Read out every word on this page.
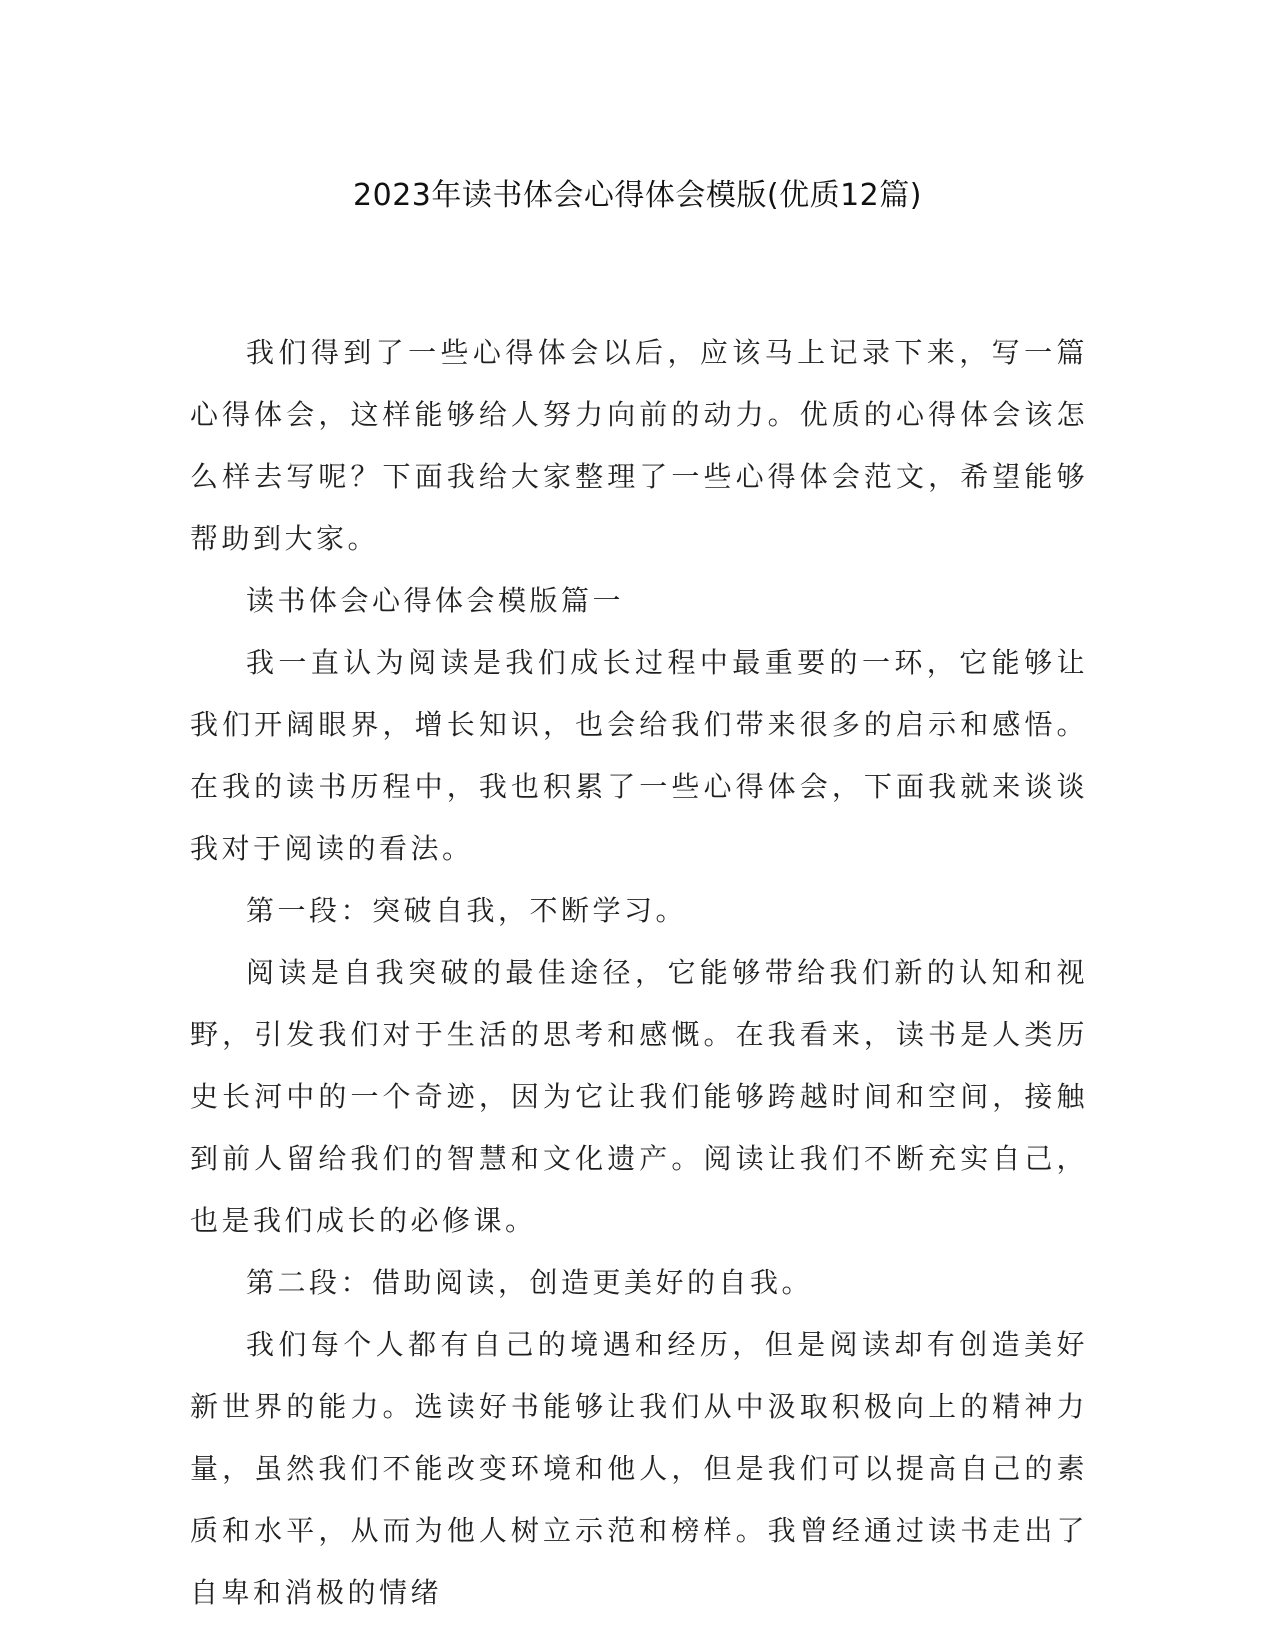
2023年读书体会心得体会模版(优质12篇)

我们得到了一些心得体会以后，应该马上记录下来，写一篇心得体会，这样能够给人努力向前的动力。优质的心得体会该怎么样去写呢？下面我给大家整理了一些心得体会范文，希望能够帮助到大家。

读书体会心得体会模版篇一

我一直认为阅读是我们成长过程中最重要的一环，它能够让我们开阔眼界，增长知识，也会给我们带来很多的启示和感悟。在我的读书历程中，我也积累了一些心得体会，下面我就来谈谈我对于阅读的看法。

第一段：突破自我，不断学习。

阅读是自我突破的最佳途径，它能够带给我们新的认知和视野，引发我们对于生活的思考和感慨。在我看来，读书是人类历史长河中的一个奇迹，因为它让我们能够跨越时间和空间，接触到前人留给我们的智慧和文化遗产。阅读让我们不断充实自己，也是我们成长的必修课。

第二段：借助阅读，创造更美好的自我。

我们每个人都有自己的境遇和经历，但是阅读却有创造美好新世界的能力。选读好书能够让我们从中汲取积极向上的精神力量，虽然我们不能改变环境和他人，但是我们可以提高自己的素质和水平，从而为他人树立示范和榜样。我曾经通过读书走出了自卑和消极的情绪
